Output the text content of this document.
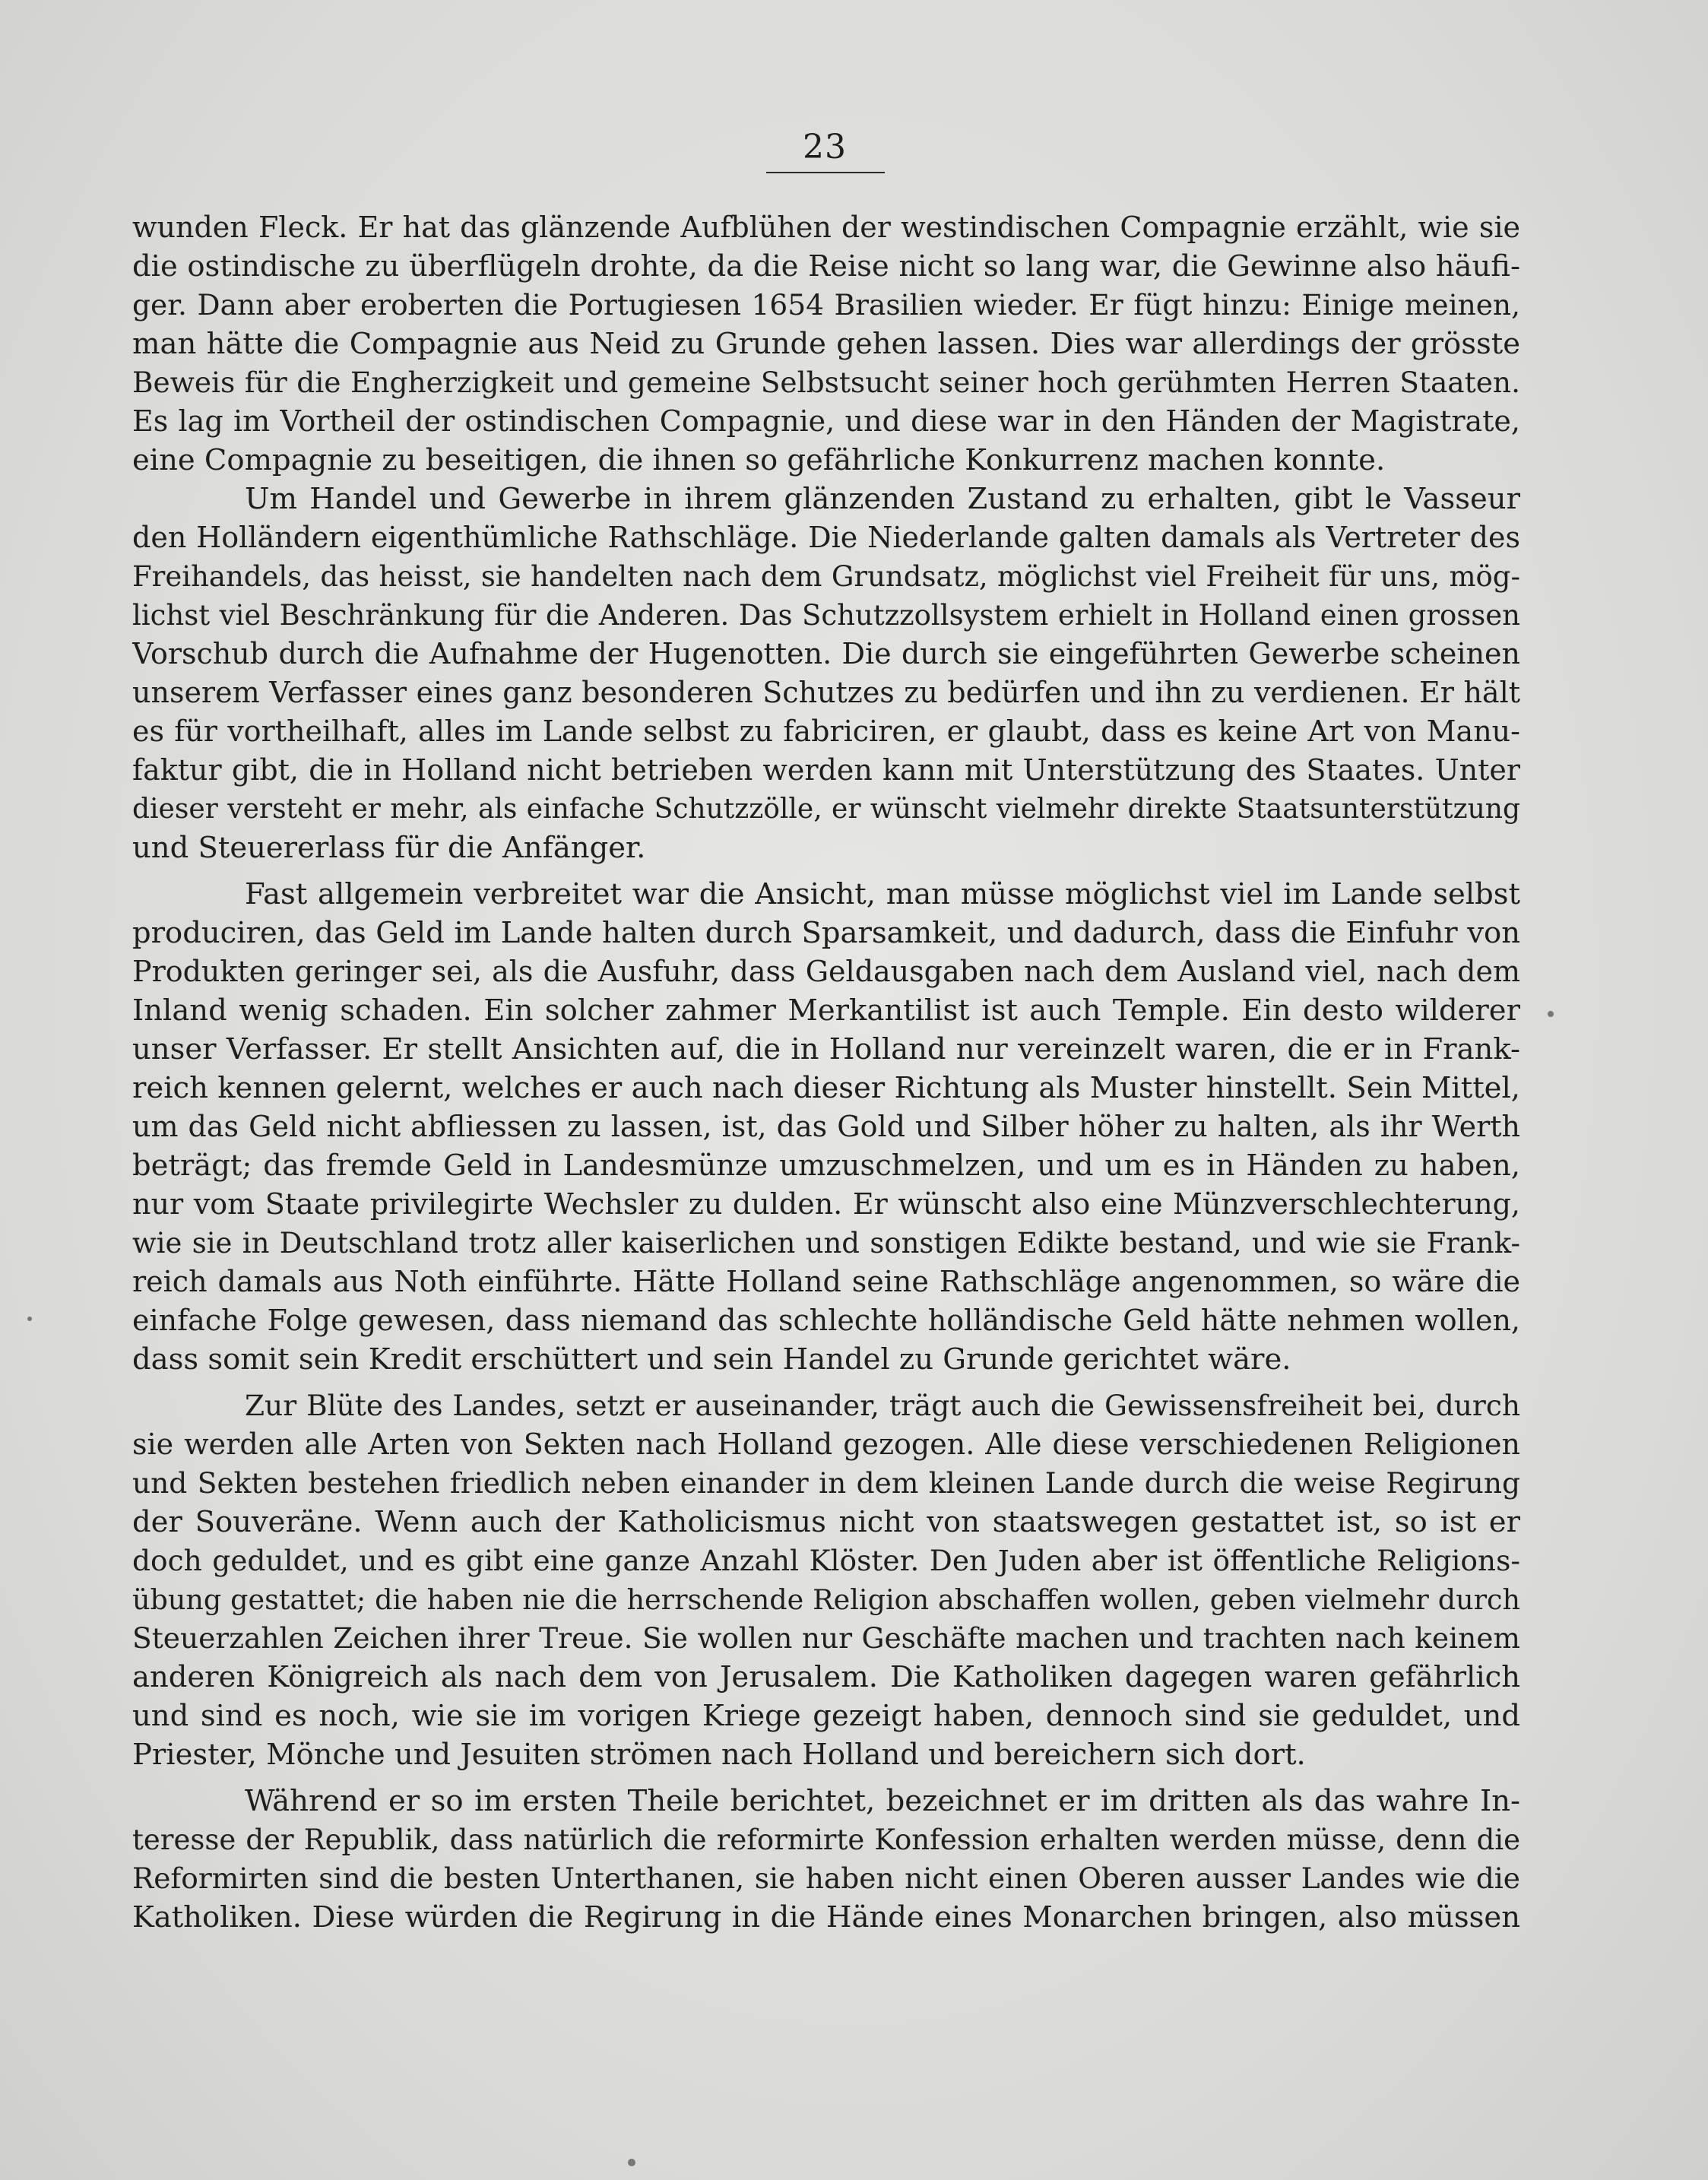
23
wunden Fleck. Er hat das glänzende Aufblühen der westindischen Compagnie erzählt, wie sie
die ostindische zu überflügeln drohte, da die Reise nicht so lang war, die Gewinne also häufi-
ger. Dann aber eroberten die Portugiesen 1654 Brasilien wieder. Er fügt hinzu: Einige meinen,
man hätte die Compagnie aus Neid zu Grunde gehen lassen. Dies war allerdings der grösste
Beweis für die Engherzigkeit und gemeine Selbstsucht seiner hoch gerühmten Herren Staaten.
Es lag im Vortheil der ostindischen Compagnie, und diese war in den Händen der Magistrate,
eine Compagnie zu beseitigen, die ihnen so gefährliche Konkurrenz machen konnte.
Um Handel und Gewerbe in ihrem glänzenden Zustand zu erhalten, gibt le Vasseur
den Holländern eigenthümliche Rathschläge. Die Niederlande galten damals als Vertreter des
Freihandels, das heisst, sie handelten nach dem Grundsatz, möglichst viel Freiheit für uns, mög-
lichst viel Beschränkung für die Anderen. Das Schutzzollsystem erhielt in Holland einen grossen
Vorschub durch die Aufnahme der Hugenotten. Die durch sie eingeführten Gewerbe scheinen
unserem Verfasser eines ganz besonderen Schutzes zu bedürfen und ihn zu verdienen. Er hält
es für vortheilhaft, alles im Lande selbst zu fabriciren, er glaubt, dass es keine Art von Manu-
faktur gibt, die in Holland nicht betrieben werden kann mit Unterstützung des Staates. Unter
dieser versteht er mehr, als einfache Schutzzölle, er wünscht vielmehr direkte Staatsunterstützung
und Steuererlass für die Anfänger.
Fast allgemein verbreitet war die Ansicht, man müsse möglichst viel im Lande selbst
produciren, das Geld im Lande halten durch Sparsamkeit, und dadurch, dass die Einfuhr von
Produkten geringer sei, als die Ausfuhr, dass Geldausgaben nach dem Ausland viel, nach dem
Inland wenig schaden. Ein solcher zahmer Merkantilist ist auch Temple. Ein desto wilderer
unser Verfasser. Er stellt Ansichten auf, die in Holland nur vereinzelt waren, die er in Frank-
reich kennen gelernt, welches er auch nach dieser Richtung als Muster hinstellt. Sein Mittel,
um das Geld nicht abfliessen zu lassen, ist, das Gold und Silber höher zu halten, als ihr Werth
beträgt; das fremde Geld in Landesmünze umzuschmelzen, und um es in Händen zu haben,
nur vom Staate privilegirte Wechsler zu dulden. Er wünscht also eine Münzverschlechterung,
wie sie in Deutschland trotz aller kaiserlichen und sonstigen Edikte bestand, und wie sie Frank-
reich damals aus Noth einführte. Hätte Holland seine Rathschläge angenommen, so wäre die
einfache Folge gewesen, dass niemand das schlechte holländische Geld hätte nehmen wollen,
dass somit sein Kredit erschüttert und sein Handel zu Grunde gerichtet wäre.
Zur Blüte des Landes, setzt er auseinander, trägt auch die Gewissensfreiheit bei, durch
sie werden alle Arten von Sekten nach Holland gezogen. Alle diese verschiedenen Religionen
und Sekten bestehen friedlich neben einander in dem kleinen Lande durch die weise Regirung
der Souveräne. Wenn auch der Katholicismus nicht von staatswegen gestattet ist, so ist er
doch geduldet, und es gibt eine ganze Anzahl Klöster. Den Juden aber ist öffentliche Religions-
übung gestattet; die haben nie die herrschende Religion abschaffen wollen, geben vielmehr durch
Steuerzahlen Zeichen ihrer Treue. Sie wollen nur Geschäfte machen und trachten nach keinem
anderen Königreich als nach dem von Jerusalem. Die Katholiken dagegen waren gefährlich
und sind es noch, wie sie im vorigen Kriege gezeigt haben, dennoch sind sie geduldet, und
Priester, Mönche und Jesuiten strömen nach Holland und bereichern sich dort.
Während er so im ersten Theile berichtet, bezeichnet er im dritten als das wahre In-
teresse der Republik, dass natürlich die reformirte Konfession erhalten werden müsse, denn die
Reformirten sind die besten Unterthanen, sie haben nicht einen Oberen ausser Landes wie die
Katholiken. Diese würden die Regirung in die Hände eines Monarchen bringen, also müssen
